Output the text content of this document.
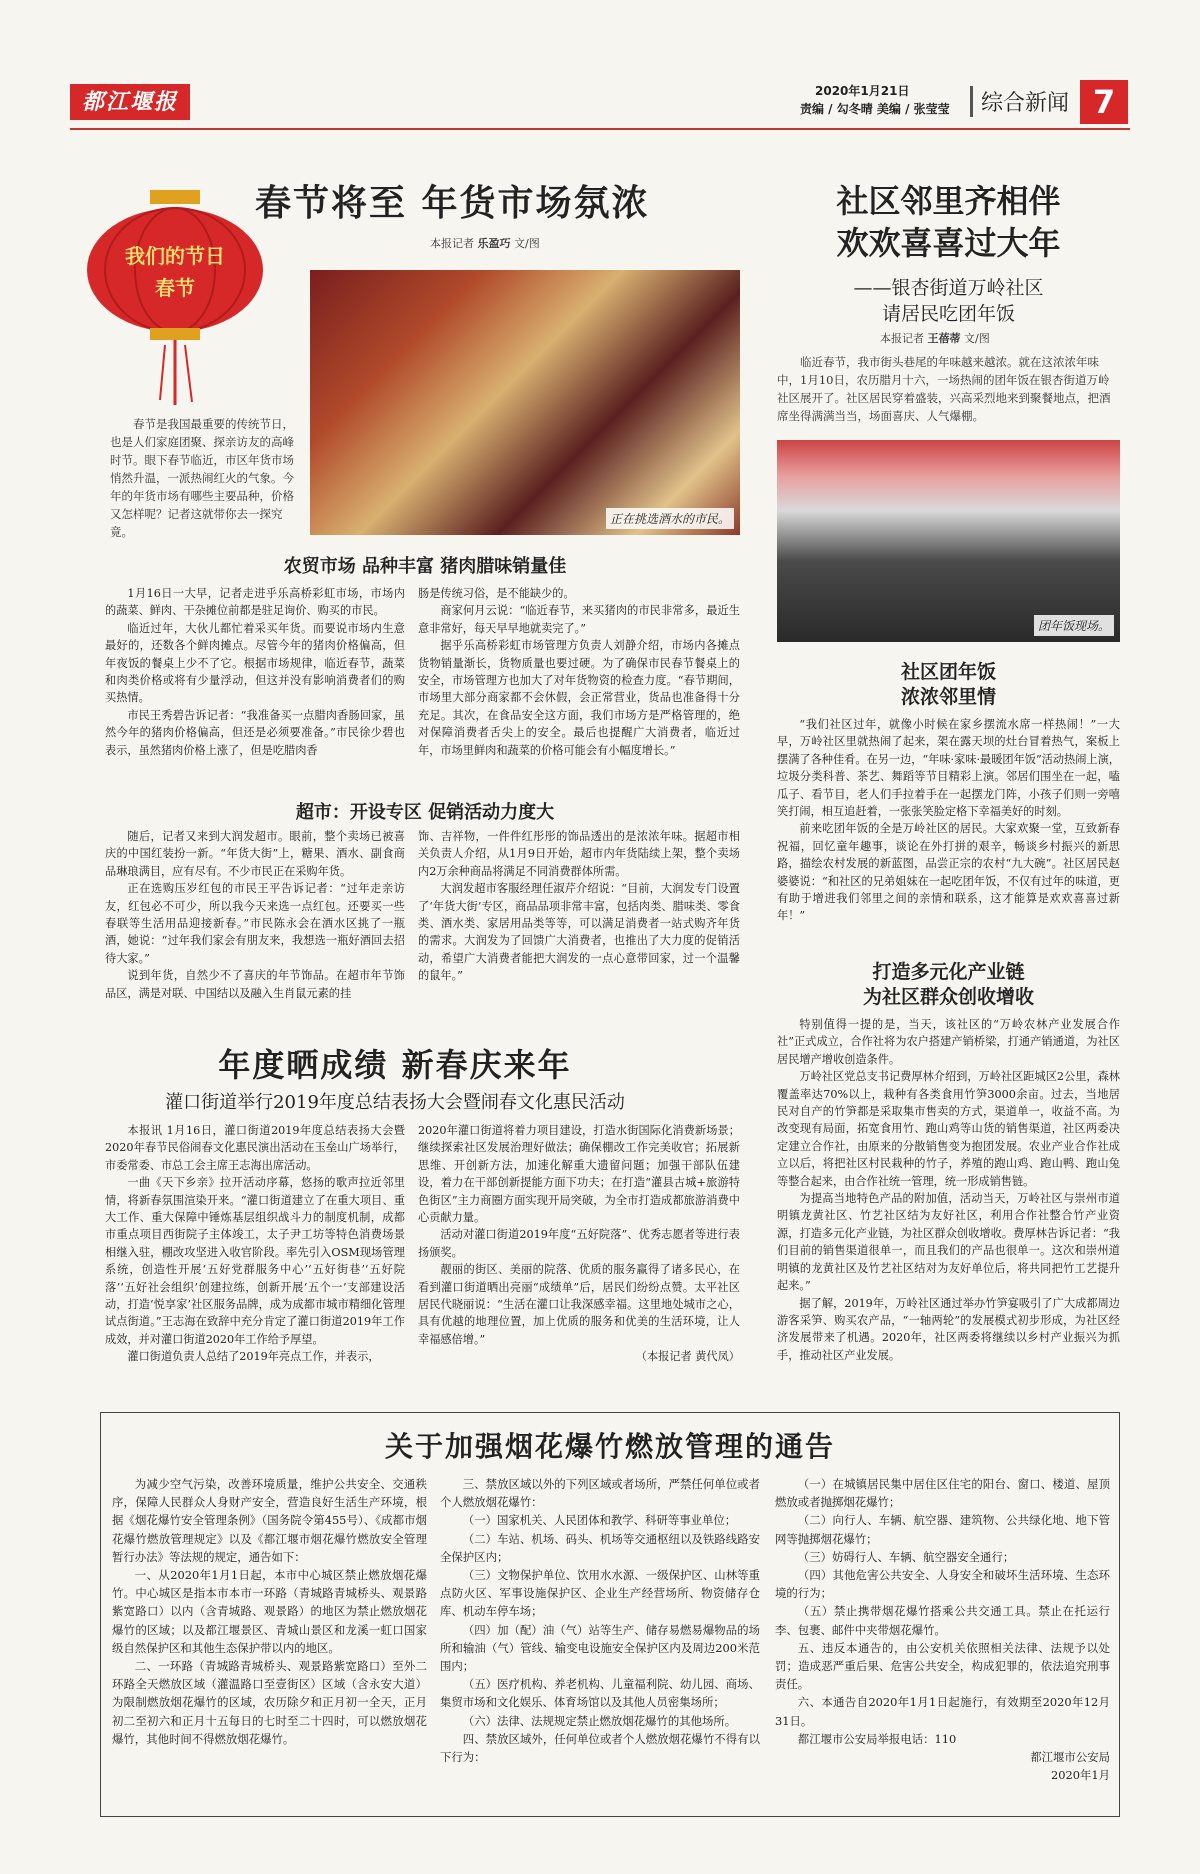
都江堰报	2020年1月21日
责编 / 勾冬晴 美编 / 张莹莹	综合新闻 7
我们的节日
春节
春节将至 年货市场氛浓
本报记者 乐盈巧 文/图
春节是我国最重要的传统节日，也是人们家庭团聚、探亲访友的高峰时节。眼下春节临近，市区年货市场悄然升温，一派热闹红火的气象。今年的年货市场有哪些主要品种，价格又怎样呢？记者这就带你去一探究竟。
正在挑选酒水的市民。
农贸市场 品种丰富 猪肉腊味销量佳

1月16日一大早，记者走进乎乐高桥彩虹市场，市场内的蔬菜、鲜肉、干杂摊位前都是驻足询价、购买的市民。

临近过年，大伙儿都忙着采买年货。而要说市场内生意最好的，还数各个鲜肉摊点。尽管今年的猪肉价格偏高，但年夜饭的餐桌上少不了它。根据市场规律，临近春节，蔬菜和肉类价格或将有少量浮动，但这并没有影响消费者们的购买热情。

市民王秀碧告诉记者：“我准备买一点腊肉香肠回家，虽然今年的猪肉价格偏高，但还是必须要准备。”市民徐少碧也表示，虽然猪肉价格上涨了，但是吃腊肉香

肠是传统习俗，是不能缺少的。

商家何月云说：“临近春节，来买猪肉的市民非常多，最近生意非常好，每天早早地就卖完了。”

据乎乐高桥彩虹市场管理方负责人刘静介绍，市场内各摊点货物销量渐长，货物质量也要过硬。为了确保市民春节餐桌上的安全，市场管理方也加大了对年货物资的检查力度。“春节期间，市场里大部分商家都不会休假，会正常营业，货品也准备得十分充足。其次，在食品安全这方面，我们市场方是严格管理的，绝对保障消费者舌尖上的安全。最后也提醒广大消费者，临近过年，市场里鲜肉和蔬菜的价格可能会有小幅度增长。”

超市：开设专区 促销活动力度大

随后，记者又来到大润发超市。眼前，整个卖场已被喜庆的中国红装扮一新。“年货大街”上，糖果、酒水、副食商品琳琅满目，应有尽有。不少市民正在采购年货。

正在选购压岁红包的市民王平告诉记者：“过年走亲访友，红包必不可少，所以我今天来选一点红包。还要买一些春联等生活用品迎接新春。”市民陈永会在酒水区挑了一瓶酒，她说：“过年我们家会有朋友来，我想选一瓶好酒回去招待大家。”

说到年货，自然少不了喜庆的年节饰品。在超市年节饰品区，满是对联、中国结以及融入生肖鼠元素的挂

饰、吉祥物，一件件红彤彤的饰品透出的是浓浓年味。据超市相关负责人介绍，从1月9日开始，超市内年货陆续上架，整个卖场内2万余种商品将满足不同消费群体所需。

大润发超市客服经理任淑芹介绍说：“目前，大润发专门设置了‘年货大街’专区，商品品项非常丰富，包括肉类、腊味类、零食类、酒水类、家居用品类等等，可以满足消费者一站式购齐年货的需求。大润发为了回馈广大消费者，也推出了大力度的促销活动，希望广大消费者能把大润发的一点心意带回家，过一个温馨的鼠年。”

社区邻里齐相伴
欢欢喜喜过大年
——银杏街道万岭社区
请居民吃团年饭
本报记者 王蓓蒂 文/图
临近春节，我市街头巷尾的年味越来越浓。就在这浓浓年味中，1月10日，农历腊月十六，一场热闹的团年饭在银杏街道万岭社区展开了。社区居民穿着盛装，兴高采烈地来到聚餐地点，把酒席坐得满满当当，场面喜庆、人气爆棚。
团年饭现场。
社区团年饭
浓浓邻里情

“我们社区过年，就像小时候在家乡摆流水席一样热闹！”一大早，万岭社区里就热闹了起来，架在露天坝的灶台冒着热气，案板上摆满了各种佳肴。在另一边，“年味·家味·最暖团年饭”活动热闹上演，垃圾分类科普、茶艺、舞蹈等节目精彩上演。邻居们围坐在一起，嗑瓜子、看节目，老人们手拉着手在一起摆龙门阵，小孩子们则一旁嘻笑打闹，相互追赶着，一张张笑脸定格下幸福美好的时刻。

前来吃团年饭的全是万岭社区的居民。大家欢聚一堂，互致新春祝福，回忆童年趣事，谈论在外打拼的艰辛，畅谈乡村振兴的新思路，描绘农村发展的新蓝图，品尝正宗的农村“九大碗”。社区居民赵婆婆说：“和社区的兄弟姐妹在一起吃团年饭，不仅有过年的味道，更有助于增进我们邻里之间的亲情和联系，这才能算是欢欢喜喜过新年！”

打造多元化产业链
为社区群众创收增收

特别值得一提的是，当天，该社区的“万岭农林产业发展合作社”正式成立，合作社将为农户搭建产销桥梁，打通产销通道，为社区居民增产增收创造条件。

万岭社区党总支书记费厚林介绍到，万岭社区距城区2公里，森林覆盖率达70%以上，栽种有各类食用竹笋3000余亩。过去，当地居民对自产的竹笋都是采取集市售卖的方式，渠道单一，收益不高。为改变现有局面，拓宽食用竹、跑山鸡等山货的销售渠道，社区两委决定建立合作社，由原来的分散销售变为抱团发展。农业产业合作社成立以后，将把社区村民栽种的竹子，养殖的跑山鸡、跑山鸭、跑山兔等整合起来，由合作社统一管理，统一形成销售链。

为提高当地特色产品的附加值，活动当天，万岭社区与崇州市道明镇龙黄社区、竹艺社区结为友好社区，利用合作社整合竹产业资源，打造多元化产业链，为社区群众创收增收。费厚林告诉记者：“我们目前的销售渠道很单一，而且我们的产品也很单一。这次和崇州道明镇的龙黄社区及竹艺社区结对为友好单位后，将共同把竹工艺提升起来。”

据了解，2019年，万岭社区通过举办竹笋宴吸引了广大成都周边游客采笋、购买农产品，“一轴两轮”的发展模式初步形成，为社区经济发展带来了机遇。2020年，社区两委将继续以乡村产业振兴为抓手，推动社区产业发展。

年度晒成绩 新春庆来年
灌口街道举行2019年度总结表扬大会暨闹春文化惠民活动

本报讯 1月16日，灌口街道2019年度总结表扬大会暨2020年春节民俗闹春文化惠民演出活动在玉垒山广场举行，市委常委、市总工会主席王志海出席活动。

一曲《天下乡亲》拉开活动序幕，悠扬的歌声拉近邻里情，将新春氛围渲染开来。“灌口街道建立了在重大项目、重大工作、重大保障中锤炼基层组织战斗力的制度机制，成都市重点项目西街院子主体竣工，太子尹工坊等特色消费场景相继入驻，棚改攻坚进入收官阶段。率先引入OSM现场管理系统，创造性开展‘五好党群服务中心’‘五好街巷’‘五好院落’‘五好社会组织’创建拉练，创新开展‘五个一’支部建设活动，打造‘悦享家’社区服务品牌，成为成都市城市精细化管理试点街道。”王志海在致辞中充分肯定了灌口街道2019年工作成效，并对灌口街道2020年工作给予厚望。

灌口街道负责人总结了2019年亮点工作，并表示，

2020年灌口街道将着力项目建设，打造水街国际化消费新场景；继续探索社区发展治理好做法；确保棚改工作完美收官；拓展新思维、开创新方法，加速化解重大遗留问题；加强干部队伍建设，着力在干部创新提能方面下功夫；在打造“灌县古城+旅游特色街区”主力商圈方面实现开局突破，为全市打造成都旅游消费中心贡献力量。

活动对灌口街道2019年度“五好院落”、优秀志愿者等进行表扬颁奖。

靓丽的街区、美丽的院落、优质的服务赢得了诸多民心，在看到灌口街道晒出亮丽“成绩单”后，居民们纷纷点赞。太平社区居民代晓丽说：“生活在灌口让我深感幸福。这里地处城市之心，具有优越的地理位置，加上优质的服务和优美的生活环境，让人幸福感倍增。”

（本报记者 黄代凤）

关于加强烟花爆竹燃放管理的通告

为减少空气污染，改善环境质量，维护公共安全、交通秩序，保障人民群众人身财产安全，营造良好生活生产环境，根据《烟花爆竹安全管理条例》（国务院令第455号）、《成都市烟花爆竹燃放管理规定》以及《都江堰市烟花爆竹燃放安全管理暂行办法》等法规的规定，通告如下：

一、从2020年1月1日起，本市中心城区禁止燃放烟花爆竹。中心城区是指本市本市一环路（青城路青城桥头、观景路紫宽路口）以内（含青城路、观景路）的地区为禁止燃放烟花爆竹的区域；以及都江堰景区、青城山景区和龙溪一虹口国家级自然保护区和其他生态保护带以内的地区。

二、一环路（青城路青城桥头、观景路紫宽路口）至外二环路全天燃放区域（灌温路口至壹街区）区域（含永安大道）为限制燃放烟花爆竹的区域，农历除夕和正月初一全天，正月初二至初六和正月十五每日的七时至二十四时，可以燃放烟花爆竹，其他时间不得燃放烟花爆竹。

三、禁放区域以外的下列区域或者场所，严禁任何单位或者个人燃放烟花爆竹：

（一）国家机关、人民团体和教学、科研等事业单位；

（二）车站、机场、码头、机场等交通枢纽以及铁路线路安全保护区内；

（三）文物保护单位、饮用水水源、一级保护区、山林等重点防火区、军事设施保护区、企业生产经营场所、物资储存仓库、机动车停车场；

（四）加（配）油（气）站等生产、储存易燃易爆物品的场所和输油（气）管线、输变电设施安全保护区内及周边200米范围内；

（五）医疗机构、养老机构、儿童福利院、幼儿园、商场、集贸市场和文化娱乐、体育场馆以及其他人员密集场所；

（六）法律、法规规定禁止燃放烟花爆竹的其他场所。

四、禁放区域外，任何单位或者个人燃放烟花爆竹不得有以下行为：

（一）在城镇居民集中居住区住宅的阳台、窗口、楼道、屋顶燃放或者抛掷烟花爆竹；

（二）向行人、车辆、航空器、建筑物、公共绿化地、地下管网等抛掷烟花爆竹；

（三）妨碍行人、车辆、航空器安全通行；

（四）其他危害公共安全、人身安全和破坏生活环境、生态环境的行为；

（五）禁止携带烟花爆竹搭乘公共交通工具。禁止在托运行李、包裹、邮件中夹带烟花爆竹。

五、违反本通告的，由公安机关依照相关法律、法规予以处罚；造成恶严重后果、危害公共安全，构成犯罪的，依法追究刑事责任。

六、本通告自2020年1月1日起施行，有效期至2020年12月31日。

都江堰市公安局举报电话：110

都江堰市公安局

2020年1月
